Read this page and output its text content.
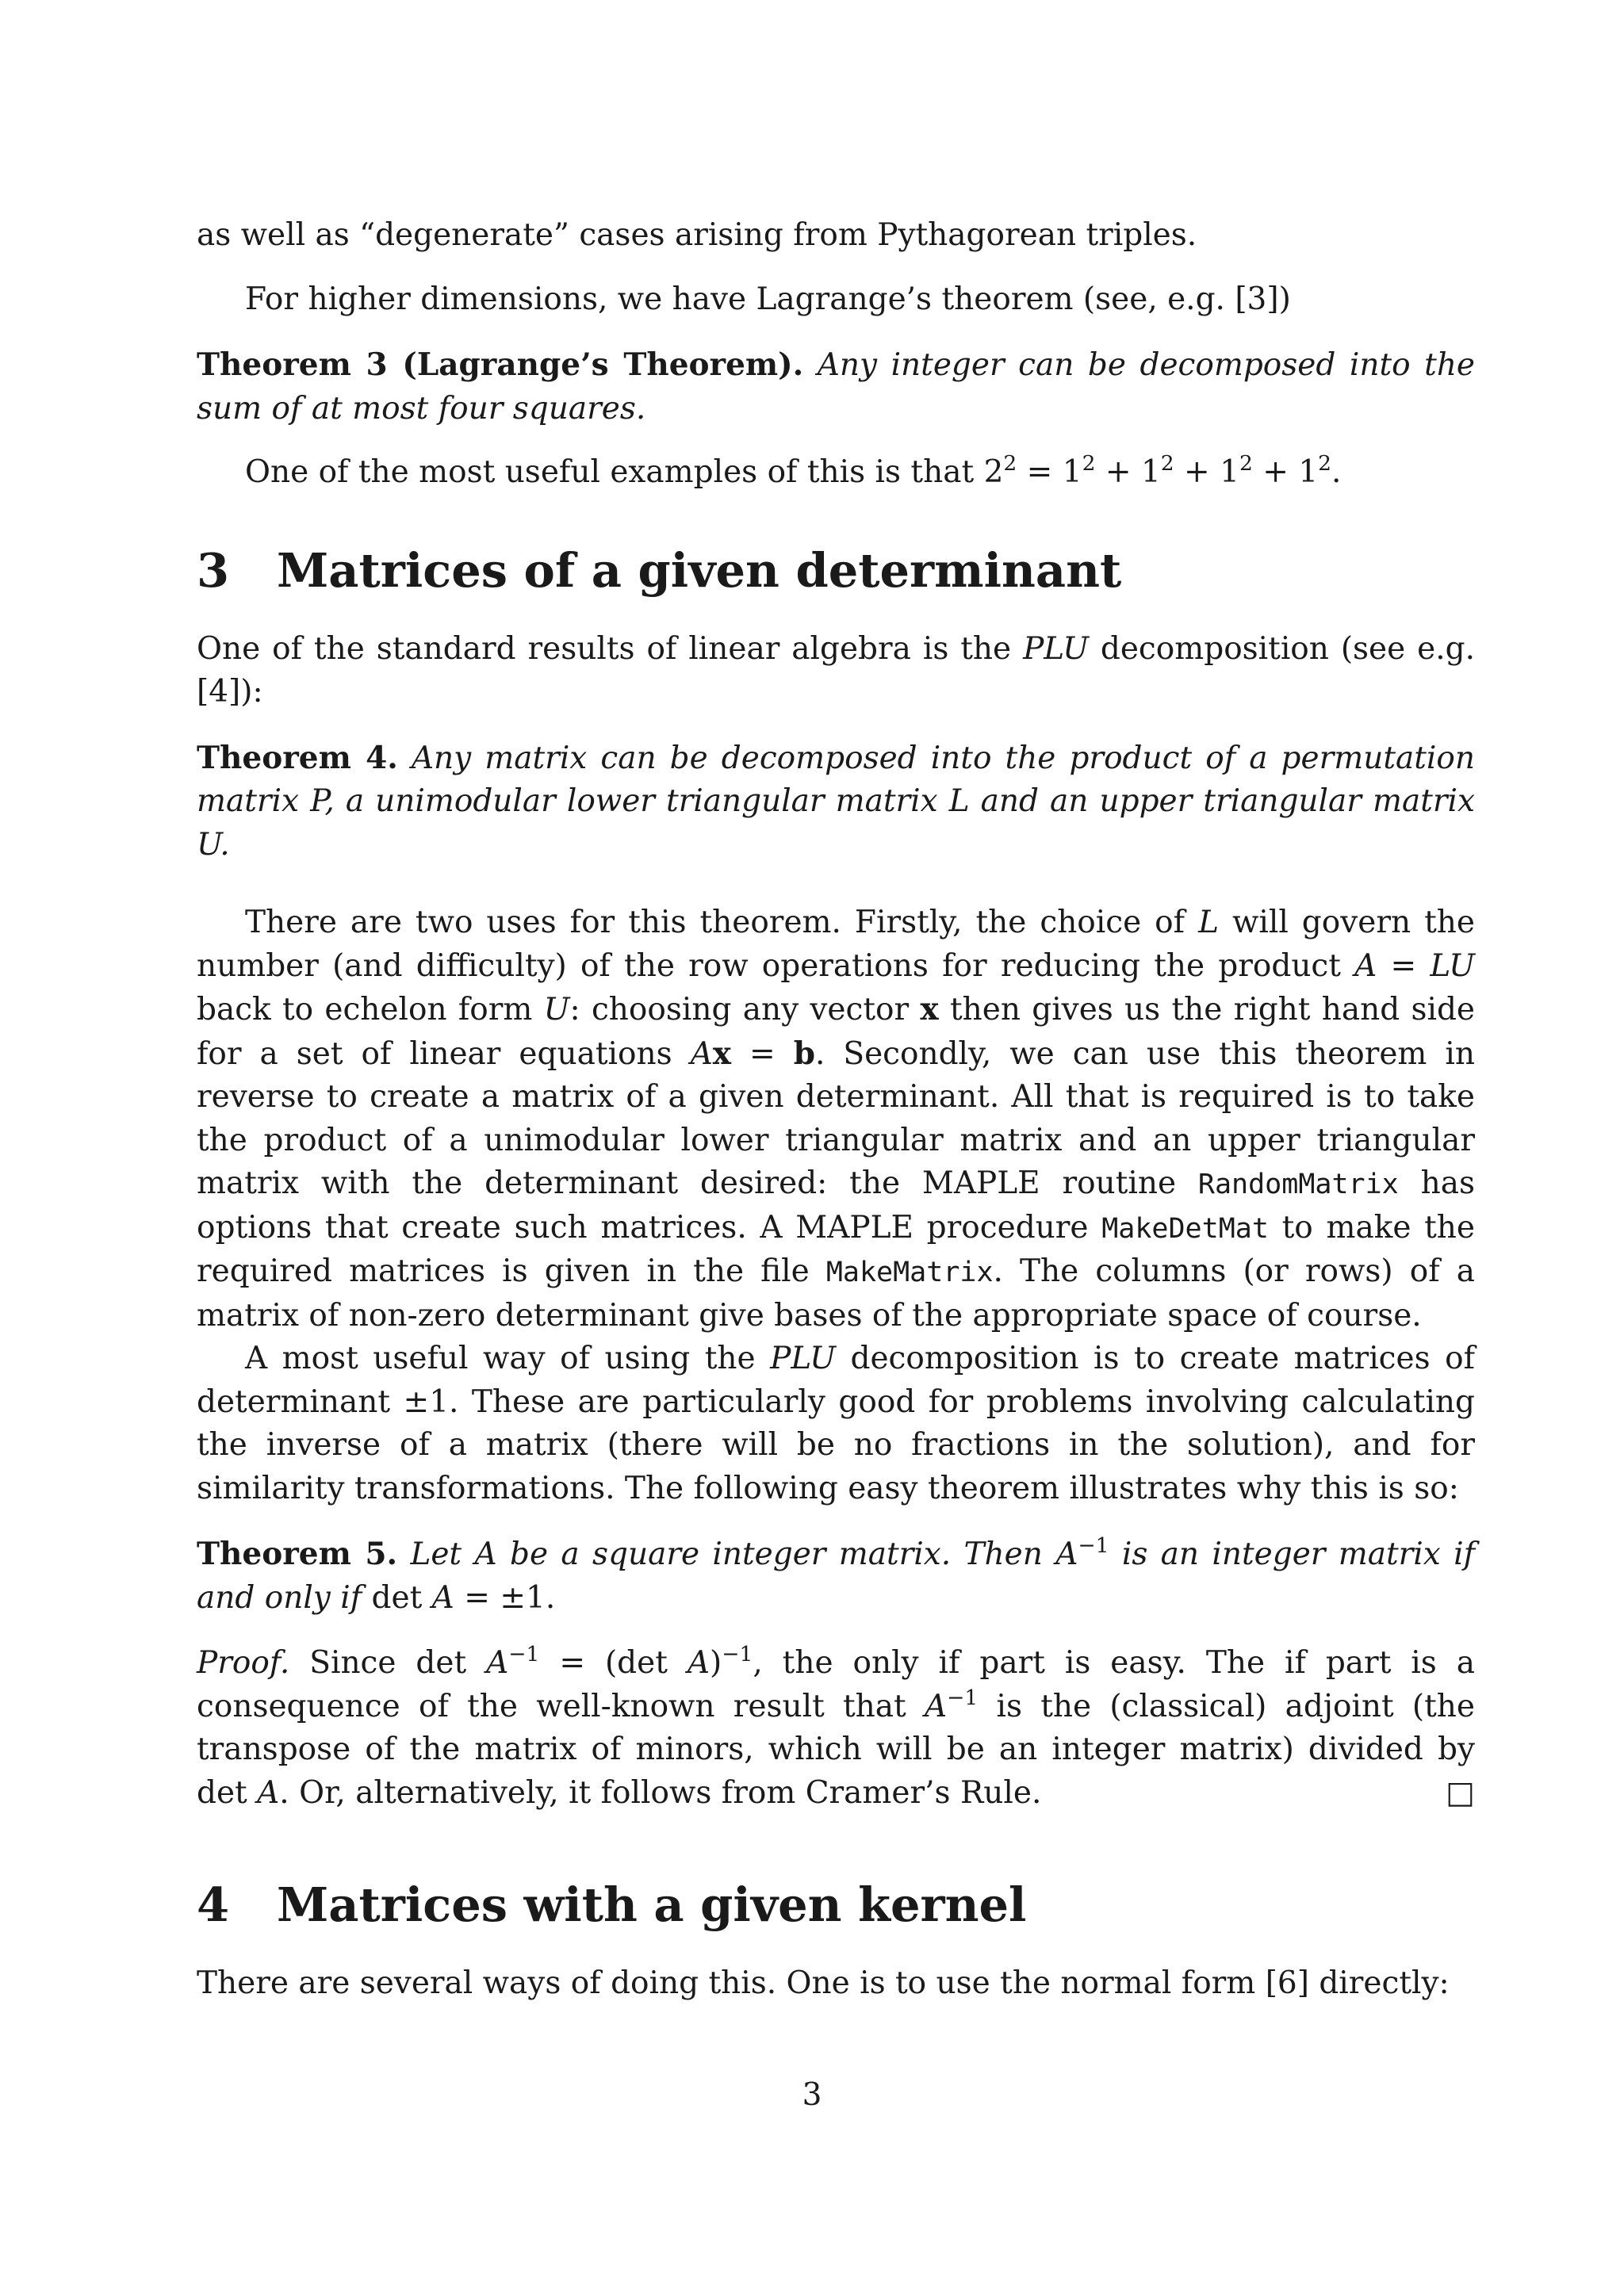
as well as “degenerate” cases arising from Pythagorean triples.

For higher dimensions, we have Lagrange’s theorem (see, e.g. [3])

Theorem 3 (Lagrange’s Theorem). Any integer can be decomposed into the sum of at most four squares.

One of the most useful examples of this is that $2^2 = 1^2 + 1^2 + 1^2 + 1^2$.

3	Matrices of a given determinant

One of the standard results of linear algebra is the PLU decomposition (see e.g. [4]):

Theorem 4. Any matrix can be decomposed into the product of a permutation matrix P, a unimodular lower triangular matrix L and an upper triangular matrix U.

There are two uses for this theorem. Firstly, the choice of L will govern the number (and difficulty) of the row operations for reducing the product A = LU back to echelon form U: choosing any vector x then gives us the right hand side for a set of linear equations Ax = b. Secondly, we can use this theorem in reverse to create a matrix of a given determinant. All that is required is to take the product of a unimodular lower triangular matrix and an upper triangular matrix with the determinant desired: the MAPLE routine RandomMatrix has options that create such matrices. A MAPLE procedure MakeDetMat to make the required matrices is given in the file MakeMatrix. The columns (or rows) of a matrix of non-zero determinant give bases of the appropriate space of course.

A most useful way of using the PLU decomposition is to create matrices of determinant ±1. These are particularly good for problems involving calculating the inverse of a matrix (there will be no fractions in the solution), and for similarity transformations. The following easy theorem illustrates why this is so:

Theorem 5. Let A be a square integer matrix. Then $A^{-1}$ is an integer matrix if and only if det A = ±1.

Proof. Since $\det A^{-1} = (\det$ A)$^{-1}$, the only if part is easy. The if part is a consequence of the well-known result that $A^{-1}$ is the (classical) adjoint (the transpose of the matrix of minors, which will be an integer matrix) divided by det A. Or, alternatively, it follows from Cramer’s Rule.	□

4	Matrices with a given kernel

There are several ways of doing this. One is to use the normal form [6] directly:

3
